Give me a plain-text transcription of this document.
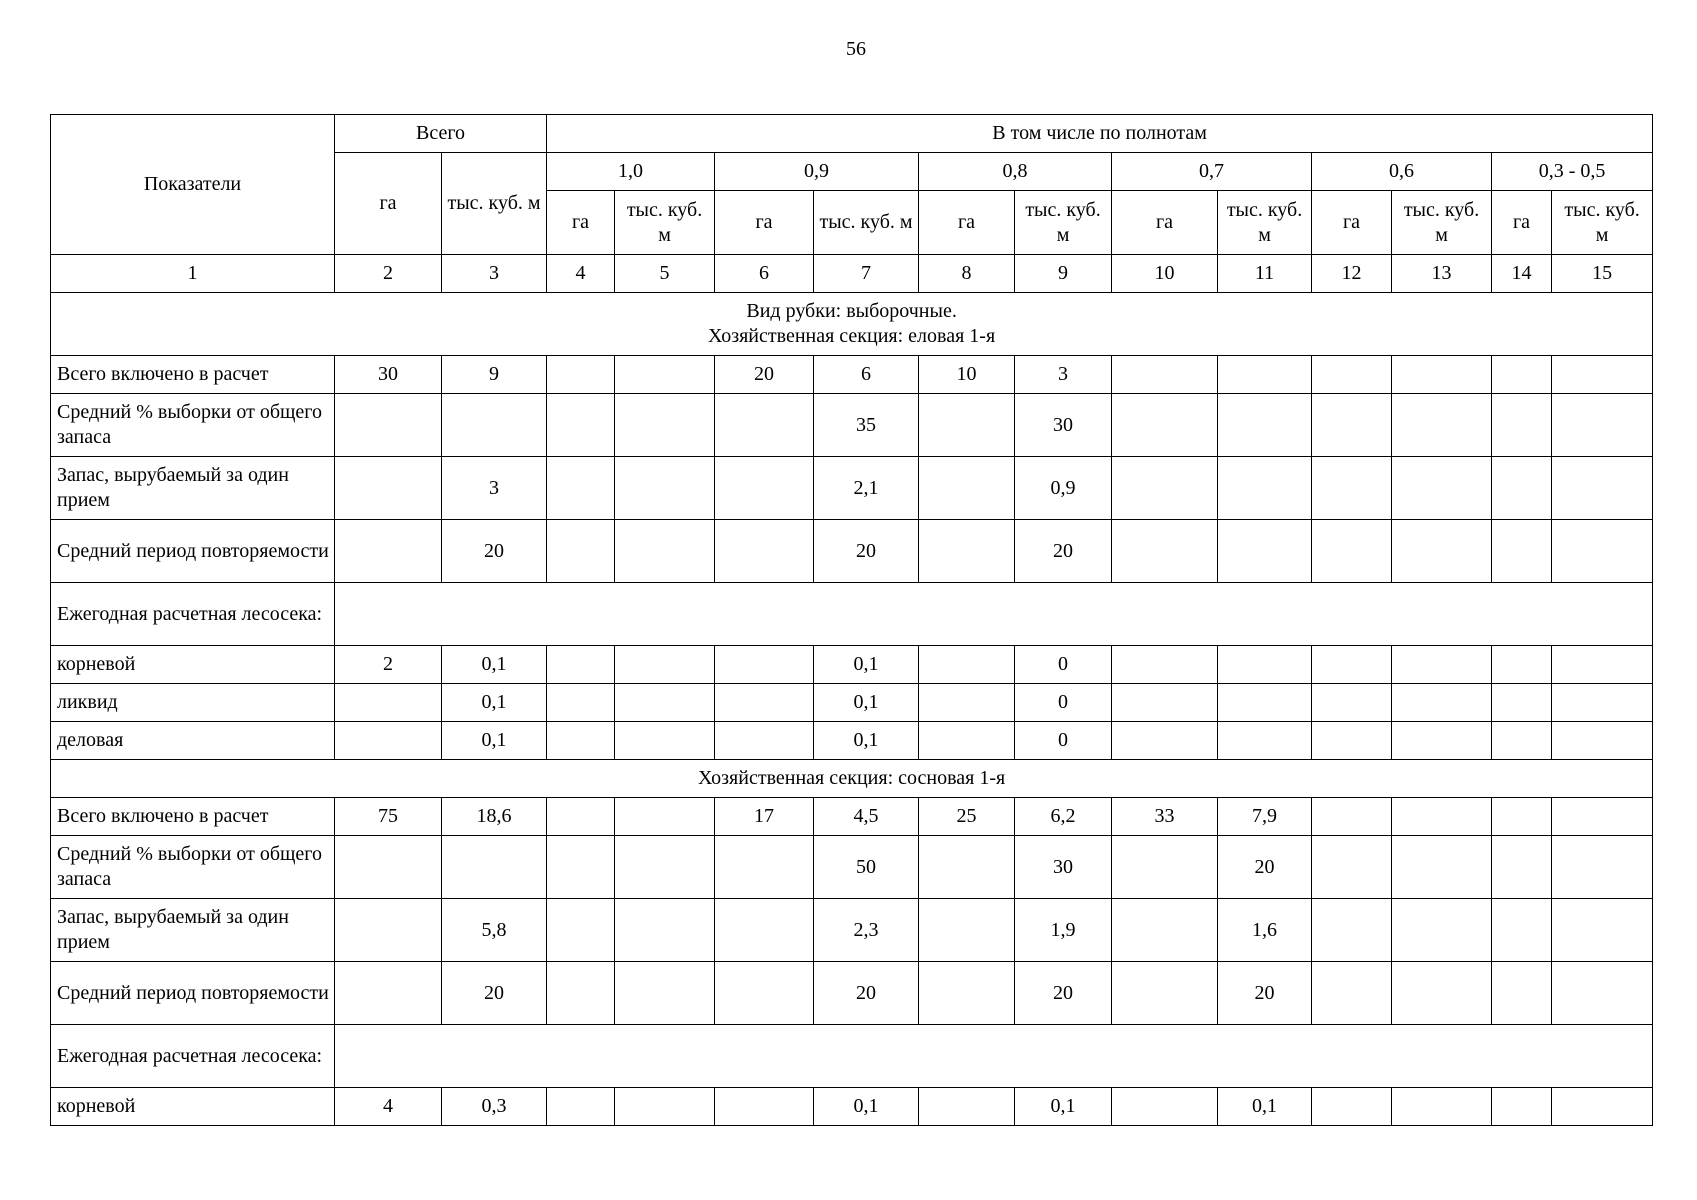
56
Показатели	Всего		В том числе по полнотам											
	га	тыс. куб. м	1,0		0,9		0,8		0,7		0,6		0,3 - 0,5	
			га	тыс. куб. м	га	тыс. куб. м	га	тыс. куб. м	га	тыс. куб. м	га	тыс. куб. м	га	тыс. куб. м
1	2	3	4	5	6	7	8	9	10	11	12	13	14	15

Вид рубки: выборочные.
Хозяйственная секция: еловая 1-я														

Всего включено в расчет	30	9			20	6	10	3						
Средний % выборки от общего запаса						35		30						
Запас, вырубаемый за один прием		3				2,1		0,9						
Средний период повторяемости		20				20		20						
Ежегодная расчетная лесосека:														
корневой	2	0,1				0,1		0						
ликвид		0,1				0,1		0						
деловая		0,1				0,1		0						

Хозяйственная секция: сосновая 1-я														

Всего включено в расчет	75	18,6			17	4,5	25	6,2	33	7,9				
Средний % выборки от общего запаса						50		30		20				
Запас, вырубаемый за один прием		5,8				2,3		1,9		1,6				
Средний период повторяемости		20				20		20		20				
Ежегодная расчетная лесосека:														
корневой	4	0,3				0,1		0,1		0,1				
